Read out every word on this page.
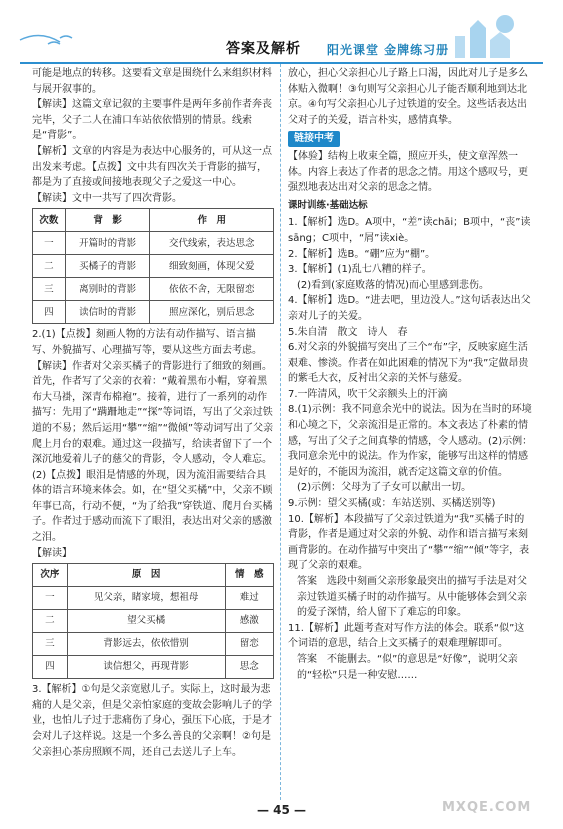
答案及解析 阳光课堂 金牌练习册

可能是地点的转移。这要看文章是围绕什么来组织材料与展开叙事的。

【解读】这篇文章记叙的主要事件是两年多前作者奔丧完毕，父子二人在浦口车站依依惜别的情景。线索是“背影”。

【解析】文章的内容是为表达中心服务的，可从这一点出发来考虑。【点拨】文中共有四次关于背影的描写，都是为了直接或间接地表现父子之爱这一中心。

【解读】文中一共写了四次背影。

次数	背　影	作　用
一	开篇时的背影	交代线索，表达思念
二	买橘子的背影	细致刻画，体现父爱
三	离别时的背影	依依不舍，无限留恋
四	读信时的背影	照应深化，别后思念

2.(1)【点拨】刻画人物的方法有动作描写、语言描写、外貌描写、心理描写等，要从这些方面去考虑。

【解读】作者对父亲买橘子的背影进行了细致的刻画。首先，作者写了父亲的衣着：“戴着黑布小帽，穿着黑布大马褂，深青布棉袍”。接着，进行了一系列的动作描写：先用了“蹒跚地走”“探”等词语，写出了父亲过铁道的不易；然后运用“攀”“缩”“微倾”等动词写出了父亲爬上月台的艰难。通过这一段描写，给读者留下了一个深沉地爱着儿子的慈父的背影，令人感动，令人难忘。

(2)【点拨】眼泪是情感的外现，因为流泪需要结合具体的语言环境来体会。如，在“望父买橘”中，父亲不顾年事已高，行动不便，“为了给我”穿铁道、爬月台买橘子。作者过于感动而流下了眼泪，表达出对父亲的感激之泪。

【解读】

次序	原　因	情　感
一	见父亲，睹家境，想祖母	难过
二	望父买橘	感激
三	背影远去，依依惜别	留恋
四	读信想父，再现背影	思念

3.【解析】①句是父亲宽慰儿子。实际上，这时最为悲痛的人是父亲，但是父亲怕家庭的变故会影响儿子的学业，也怕儿子过于悲痛伤了身心，强压下心底，于是才会对儿子这样说。这是一个多么善良的父亲啊！②句是父亲担心茶房照顾不周，还自己去送儿子上车。

放心，担心父亲担心儿子路上口渴，因此对儿子是多么体贴入微啊！③句则写父亲担心儿子能否顺利地到达北京。④句写父亲担心儿子过铁道的安全。这些话表达出父对子的关爱，语言朴实，感情真挚。

链接中考

【体验】结构上收束全篇，照应开头，使文章浑然一体。内容上表达了作者的思念之情。用这个感叹号，更强烈地表达出对父亲的思念之情。

课时训练·基础达标

1.【解析】选D。A项中，“差”读chāi；B项中，“丧”读sāng；C项中，“屑”读xiè。

2.【解析】选B。“硼”应为“棚”。

3.【解析】(1)乱七八糟的样子。

(2)看到(家庭败落的情况)而心里感到悲伤。

4.【解析】选D。“进去吧，里边没人。”这句话表达出父亲对儿子的关爱。

5.朱自清　散文　诗人　春

6.对父亲的外貌描写突出了三个“布”字，反映家庭生活艰难、惨淡。作者在如此困难的情况下为“我”定做昂贵的紫毛大衣，反衬出父亲的关怀与慈爱。

7.一阵清风，吹干父亲额头上的汗滴

8.(1)示例：我不同意余光中的说法。因为在当时的环境和心境之下，父亲流泪是正常的。本文表达了朴素的情感，写出了父子之间真挚的情感，令人感动。(2)示例：我同意余光中的说法。作为作家，能够写出这样的情感是好的，不能因为流泪，就否定这篇文章的价值。

(2)示例：父母为了子女可以献出一切。

9.示例：望父买橘(或：车站送别、买橘送别等)

10.【解析】本段描写了父亲过铁道为“我”买橘子时的背影，作者是通过对父亲的外貌、动作和语言描写来刻画背影的。在动作描写中突出了“攀”“缩”“倾”等字，表现了父亲的艰难。

答案　选段中刻画父亲形象最突出的描写手法是对父亲过铁道买橘子时的动作描写。从中能够体会到父亲的爱子深情，给人留下了难忘的印象。

11.【解析】此题考查对写作方法的体会。联系“似”这个词语的意思，结合上文买橘子的艰难理解即可。

答案　不能删去。“似”的意思是“好像”，说明父亲的“轻松”只是一种安慰……

— 45 —	MXQE.COM
